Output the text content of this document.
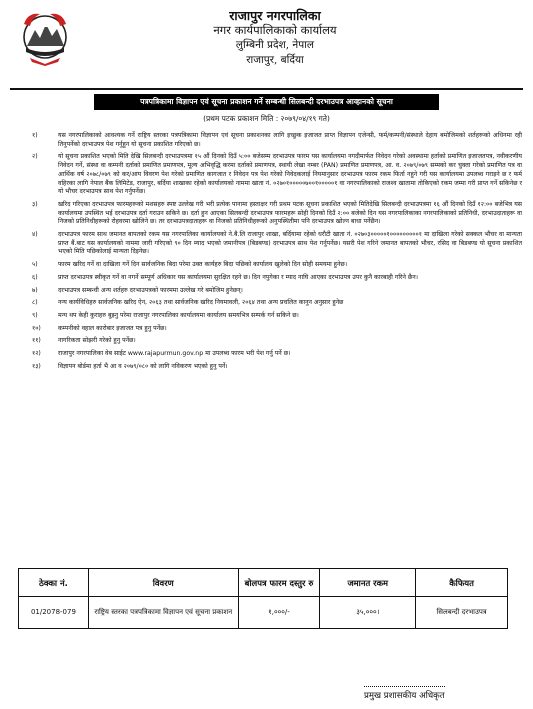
राजापुर नगरपालिका
नगर कार्यपालिकाको कार्यालय
लुम्बिनी प्रदेश, नेपाल
राजापुर, बर्दिया
पत्रपत्रिकामा विज्ञापन एवं सूचना प्रकाशन गर्ने सम्बन्धी सिलबन्दी दरभाउपत्र आव्हानको सूचना
(प्रथम पटक प्रकाशन मिति : २०७९/०४/१९ गते)
१)	यस नगरपालिकाको आवश्यक गर्ने राष्ट्रिय स्तरका पत्रपत्रिकामा विज्ञापन एवं सूचना प्रकाशनका लागि इच्छुक इजाजत प्राप्त विज्ञापन एजेन्सी, फर्म/कम्पनी/संस्थाले देहाय बमोजिमको शर्तहरूको अधिनमा रही तिनुपर्नेको दरभाउपत्र पेश गर्नुहुन यो सूचना प्रकाशित गरिएको छ।
२)	यो सूचना प्रकाशित भएको मिति देखि सिलबन्दी दरभाउपत्रमा १५ औं दिनको दिउँ ५:०० बजेसम्म दरभाउपत्र फारम यस कार्यालयमा नगदीमार्फत निवेदन गरेको अवस्थामा हर्ताको प्रमाणित इजाजतपत्र, नवीकरणीय निवेदन गर्ने, संस्था वा कम्पनी दर्ताको प्रमाणित प्रमाणपत्र, मूल्य अभिवृद्धि करमा दर्ताको प्रमाणपत्र, स्थायी लेखा नम्बर (PAN) प्रमाणित प्रमाणपत्र, आ. व. २०७९/०७९ सम्मको कर चुक्ता गरेको प्रमाणित पत्र वा आर्थिक वर्ष २०७८/०७९ को कर/आय विवरण पेश गरेको प्रमाणित कागजात र निवेदन पत्र पेश गरेको निवेदकलाई नियमानुसार दरभाउपत्र फारम रकम फिर्ता नहुने गरी यस कार्यालयमा उपलब्ध गराइने छ र फर्म वहिरका लागि नेपाल बैंक लिमिटेड, राजापुर, बर्दिया शाखाका रहेको कार्यालयको नाममा खाता नं. ०२७०१०००००७००१०००००१ वा नगरपालिकाको राजश्व खातामा तोकिएको रकम जम्मा गरी प्राप्त गर्ने सकिनेछ र यो भौचर दरभाउपत्र साथ पेश गर्नुपर्नेछ।
३)	खरिद गरिएका दरभाउपत्र फारमहरूको मशसहरु स्पष्ट उल्लेख गरी भरी प्रत्येक पानामा हस्ताक्षर गरी प्रथम पटक सूचना प्रकाशित भएको मितिदेखि सिलबन्दी दरभाउपत्रमा १६ औं दिनको दिउँ १२:०० बजेभित्र यस कार्यालयमा उपस्थित भई दरभाउपत्र दर्ता गराउन सकिने छ। दर्ता हुन आएका सिलबन्दी दरभाउपत्र फारमहरू सोही दिनको दिउँ २:०० बजेको दिन यस नगरपालिकाका नगरपालिकाको प्रतिनिधी, दरभाउदाताहरू वा निजको प्रतिनिधीहरूको रोहवरमा खोलिने छ। तर दरभाउपत्रदाताहरू वा निजको प्रतिनिधीहरूको अनुपस्थितीमा पनि दरभाउपत्र खोल्न बाधा पर्नेछैन।
४)	दरभाउपत्र फारम साथ जमानत बापतको रकम यस नगरपालिका कार्यालयको ने.बै.लि राजापुर शाखा, बर्दियामा रहेको धरौटी खाता नं. ०२७०३०००००१०००००००००१ मा दाखिला गरेको सक्कल भौचर वा मान्यता प्राप्त बैं.बाट यस कार्यालयको नाममा जारी गरिएको ९० दिन म्याद भएको जमानीपत्र (बिडबण्ड) दरभाउपत्र साथ पेश गर्नुपर्नेछ। यसरी पेश गरिने जमानत बापतको भौचर, रसिद वा बिडबण्ड यो सूचना प्रकाशित भएको मिति पछिकोलाई मान्यता दिइनेछ।
५)	फारम खरिद गर्ने वा दाखिला गर्ने दिन सार्वजनिक बिदा परेमा उक्त कार्यहरु बिदा पछिको कार्यालय खुलेको दिन सोही समयमा हुनेछ।
६)	प्राप्त दरभाउपत्र स्वीकृत गर्ने वा नगर्ने सम्पूर्ण अधिकार यस कार्यालयमा सुरक्षित रहने छ। दिन नपुगेका र म्याद नाघि आएका दरभाउपत्र उपर कुनै कारबाही गरिने छैन।
७)	दरभाउपत्र सम्बन्धी अन्य शर्तहरु दरभाउपत्रको फारममा उल्लेख गरे बमोजिम हुनेछन्।
८)	नन्य कार्यविधिहरु सार्वजनिक खरिद ऐन, २०६३ तथा सार्वजनिक खरिद नियमावली, २०६४ तथा अन्य प्रचलित कानुन अनुसार हुनेछ
९)	मन्य थप केही कुराहरु बुझ्नु परेमा राजापुर नगरपालिका कार्यालयमा कार्यालय समयभित्र सम्पर्क गर्न सकिने छ।
१०)	कम्पनीको वहाल कारोबार इजाजत पत्र हुनु पर्नेछ।
११)	नागरिकता सोझरी गरेको हुनु पर्नेछ।
१२)	राजापुर नगरपालिका वेब साईट www.rajapurmun.gov.np मा उपलब्ध फारम भरी पेश गर्नु पर्ने छ।
१३)	विज्ञापन बोर्डमा हर्ता भै आ व २०७९/०८० को लागि नविकरण भएको हुनु पर्ने।
ठेक्का नं.	विवरण	बोलपत्र फारम दस्तुर रु	जमानत रकम	कैफियत
01/2078-079	राष्ट्रिय स्तरका पत्रपत्रिकामा विज्ञापन एवं सूचना प्रकाशन	१,०००/-	३५,०००।	सिलबन्दी दरभाउपत्र
प्रमुख प्रशासकीय अधिकृत
